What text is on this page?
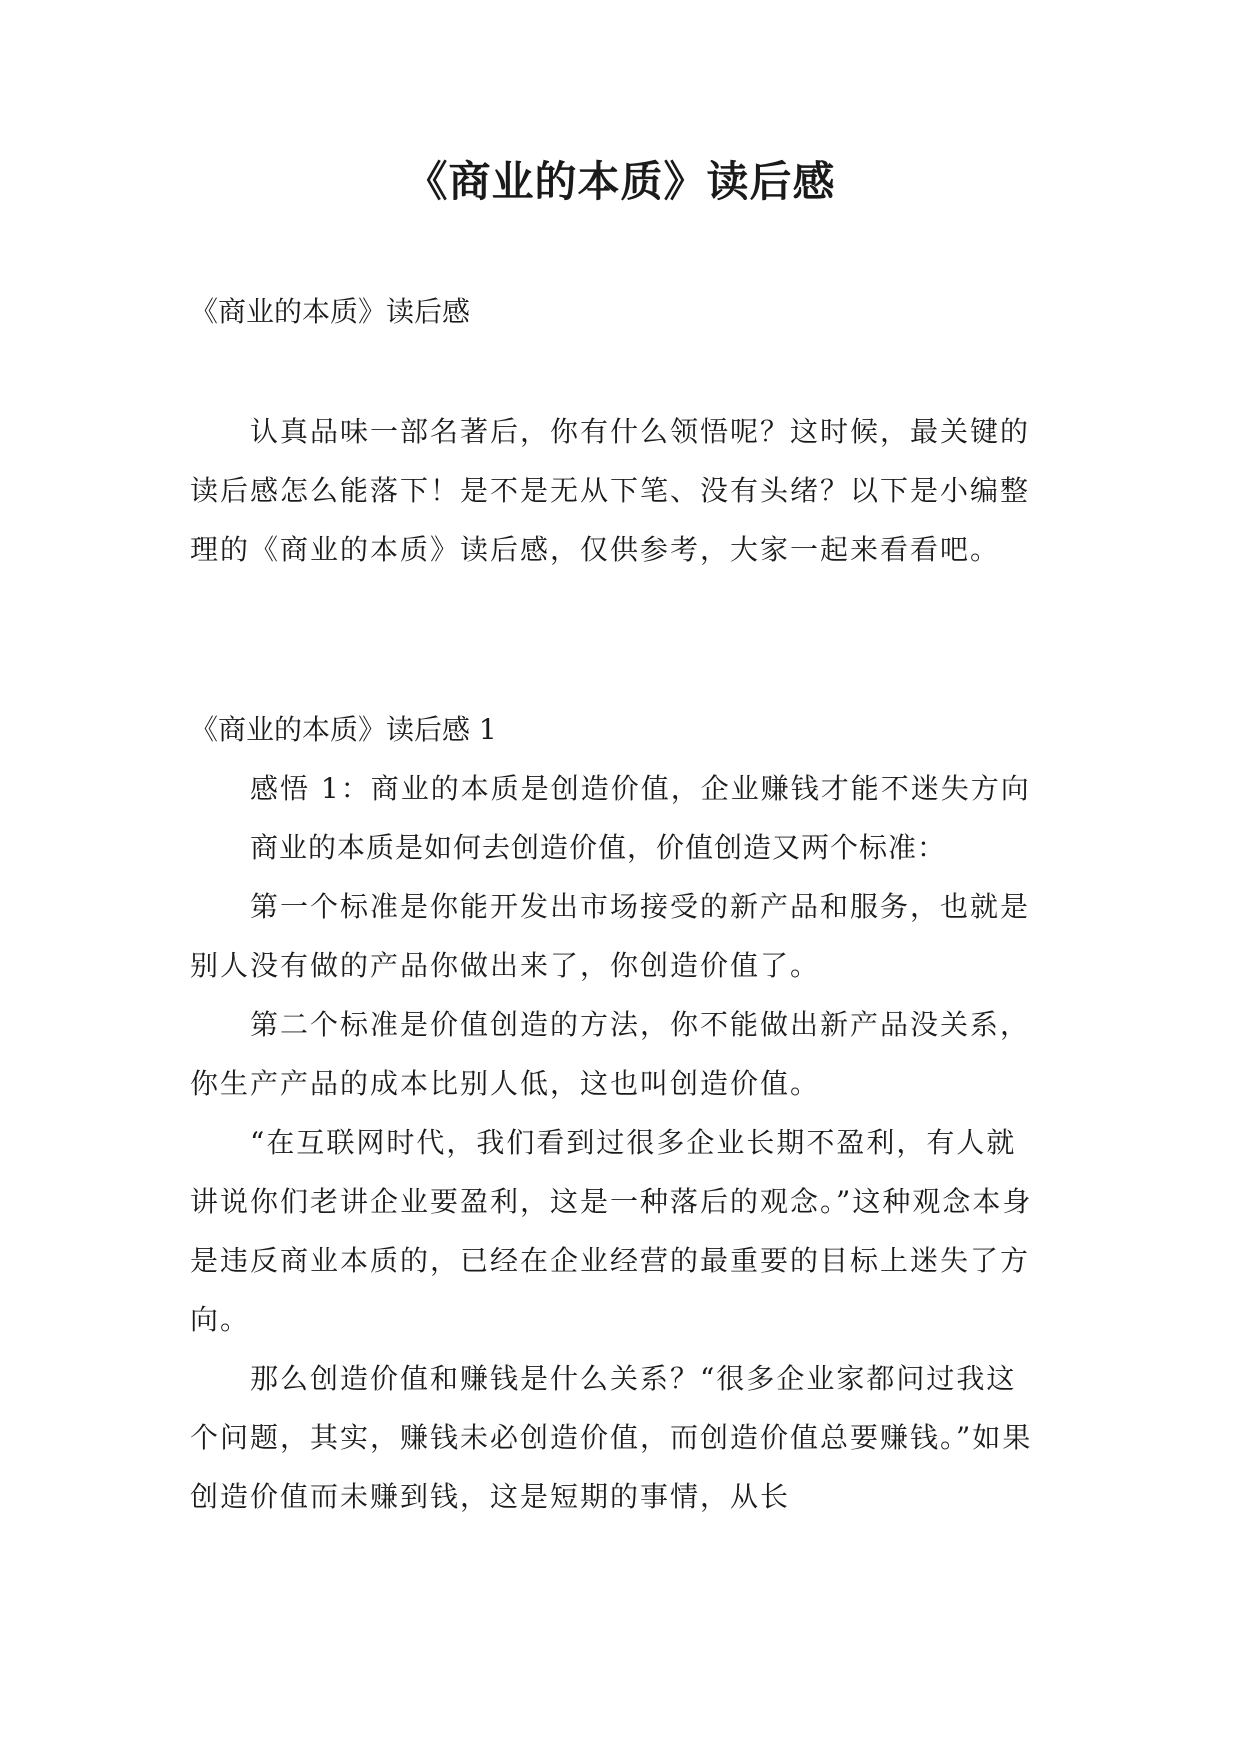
《商业的本质》读后感

《商业的本质》读后感

认真品味一部名著后，你有什么领悟呢？这时候，最关键的读后感怎么能落下！是不是无从下笔、没有头绪？以下是小编整理的《商业的本质》读后感，仅供参考，大家一起来看看吧。

《商业的本质》读后感 1

感悟 1：商业的本质是创造价值，企业赚钱才能不迷失方向

商业的本质是如何去创造价值，价值创造又两个标准：

第一个标准是你能开发出市场接受的新产品和服务，也就是别人没有做的产品你做出来了，你创造价值了。

第二个标准是价值创造的方法，你不能做出新产品没关系，你生产产品的成本比别人低，这也叫创造价值。

“在互联网时代，我们看到过很多企业长期不盈利，有人就讲说你们老讲企业要盈利，这是一种落后的观念。”这种观念本身是违反商业本质的，已经在企业经营的最重要的目标上迷失了方向。

那么创造价值和赚钱是什么关系？“很多企业家都问过我这个问题，其实，赚钱未必创造价值，而创造价值总要赚钱。”如果创造价值而未赚到钱，这是短期的事情，从长
